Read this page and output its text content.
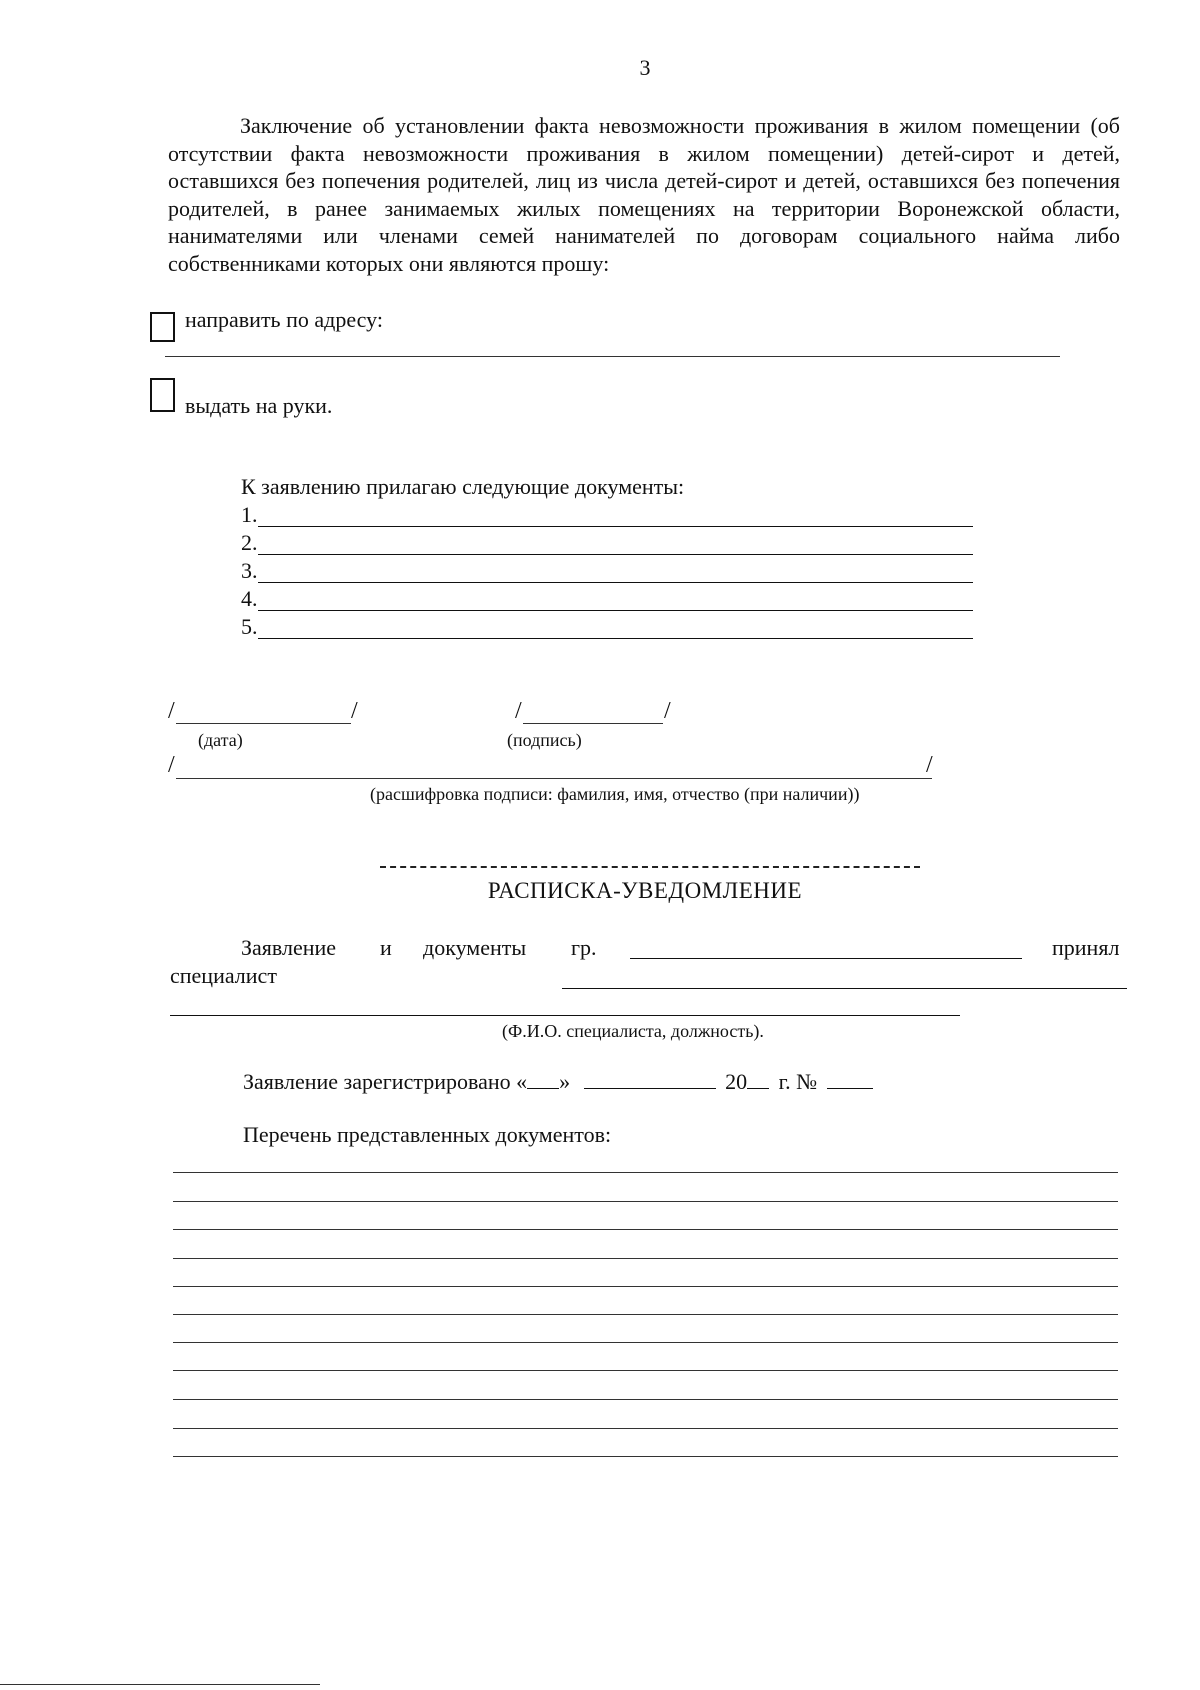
3
Заключение об установлении факта невозможности проживания в жилом помещении (об отсутствии факта невозможности проживания в жилом помещении) детей-сирот и детей, оставшихся без попечения родителей, лиц из числа детей-сирот и детей, оставшихся без попечения родителей, в ранее занимаемых жилых помещениях на территории Воронежской области, нанимателями или членами семей нанимателей по договорам социального найма либо собственниками которых они являются прошу:
направить по адресу:
выдать на руки.
К заявлению прилагаю следующие документы:
1.
2.
3.
4.
5.
/	/
(дата)
/	/
(подпись)
/	/
(расшифровка подписи: фамилия, имя, отчество (при наличии))
РАСПИСКА-УВЕДОМЛЕНИЕ
Заявление и документы гр.	принял
специалист
(Ф.И.О. специалиста, должность).
Заявление зарегистрировано « »	20 г. №
Перечень представленных документов:
